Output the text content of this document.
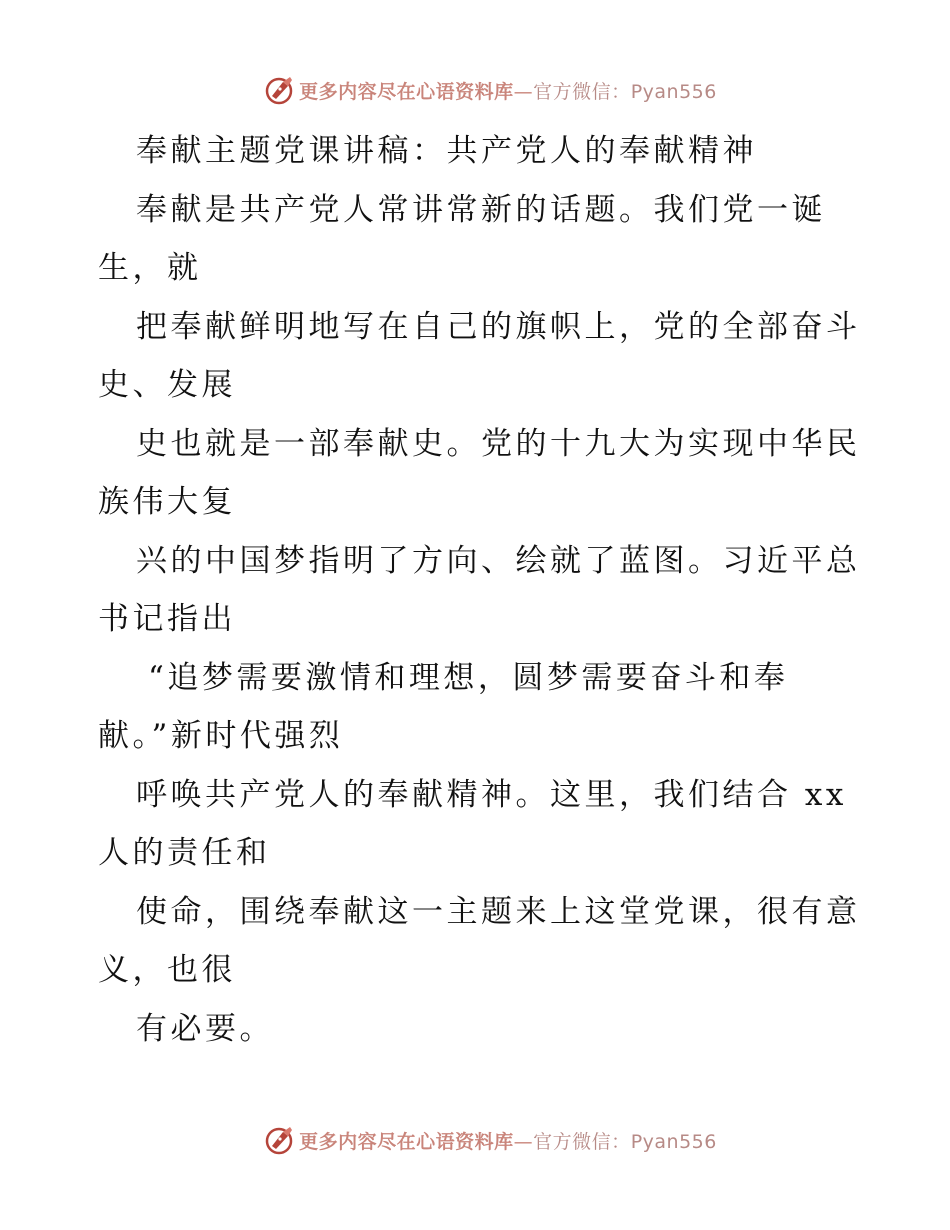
更多内容尽在心语资料库—官方微信：Pyan556
奉献主题党课讲稿：共产党人的奉献精神
奉献是共产党人常讲常新的话题。我们党一诞
生，就
把奉献鲜明地写在自己的旗帜上，党的全部奋斗
史、发展
史也就是一部奉献史。党的十九大为实现中华民
族伟大复
兴的中国梦指明了方向、绘就了蓝图。习近平总
书记指出
“追梦需要激情和理想，圆梦需要奋斗和奉
献。”新时代强烈
呼唤共产党人的奉献精神。这里，我们结合 xx
人的责任和
使命，围绕奉献这一主题来上这堂党课，很有意
义，也很
有必要。
更多内容尽在心语资料库—官方微信：Pyan556
